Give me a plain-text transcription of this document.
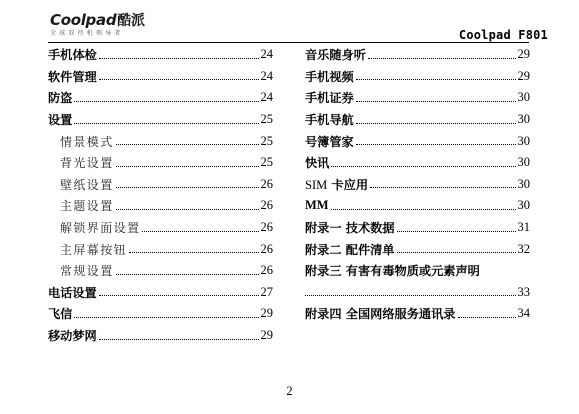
Coolpad酷派
全球双待机领导者	Coolpad F801
手机体检	24
软件管理	24
防盗	24
设置	25
情景模式	25
背光设置	25
壁纸设置	26
主题设置	26
解锁界面设置	26
主屏幕按钮	26
常规设置	26
电话设置	27
飞信	29
移动梦网	29
音乐随身听	29
手机视频	29
手机证券	30
手机导航	30
号簿管家	30
快讯	30
SIM 卡应用	30
MM	30
附录一 技术数据	31
附录二 配件清单	32
附录三 有害有毒物质或元素声明
33
附录四 全国网络服务通讯录	34
2
